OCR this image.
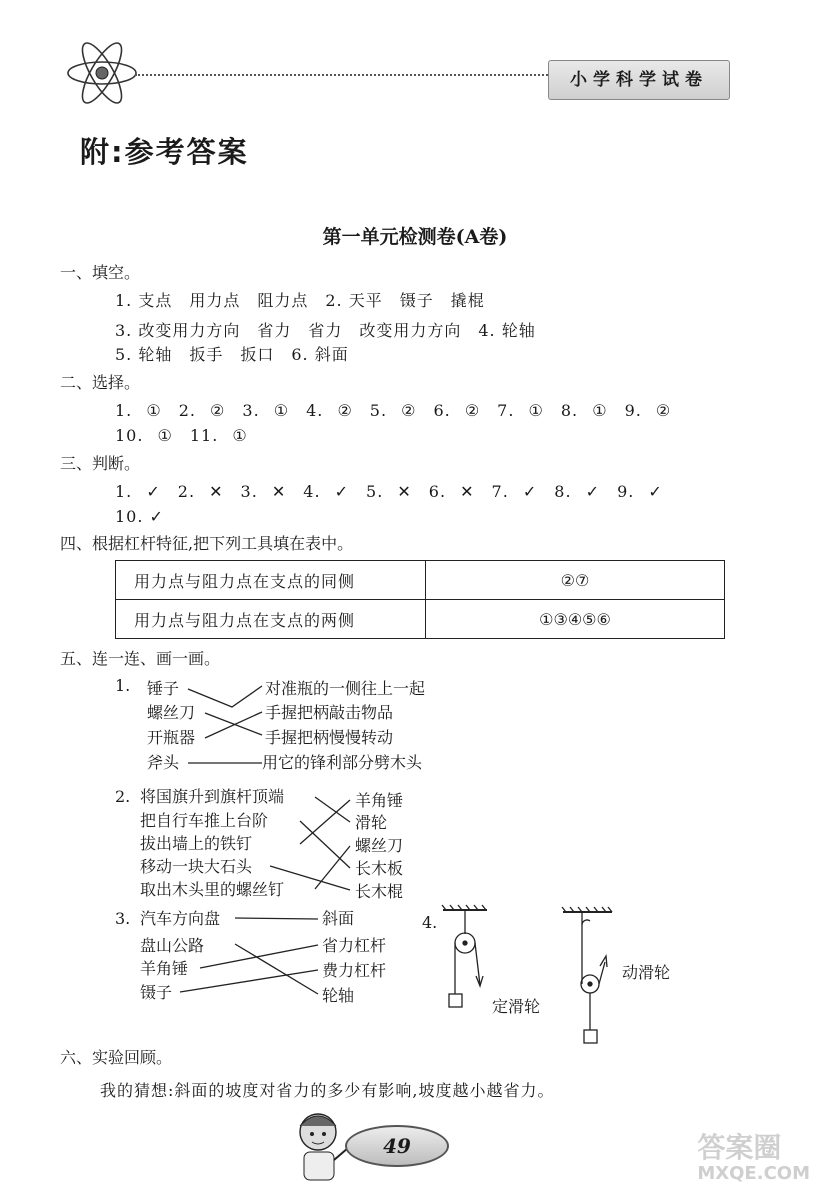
小学科学试卷
附:参考答案
第一单元检测卷(A卷)
一、填空。
1. 支点　用力点　阻力点　2. 天平　镊子　撬棍
3. 改变用力方向　省力　省力　改变用力方向　4. 轮轴
5. 轮轴　扳手　扳口　6. 斜面
二、选择。
1. ①　2. ②　3. ①　4. ②　5. ②　6. ②　7. ①　8. ①　9. ②
10. ①　11. ①
三、判断。
1. ✓　2. ✕　3. ✕　4. ✓　5. ✕　6. ✕　7. ✓　8. ✓　9. ✓
10. ✓
四、根据杠杆特征,把下列工具填在表中。
用力点与阻力点在支点的同侧	②⑦
用力点与阻力点在支点的两侧	①③④⑤⑥
五、连一连、画一画。
1. 锤子
螺丝刀
开瓶器
斧头
对准瓶的一侧往上一起
手握把柄敲击物品
手握把柄慢慢转动
用它的锋利部分劈木头
2. 将国旗升到旗杆顶端
把自行车推上台阶
拔出墙上的铁钉
移动一块大石头
取出木头里的螺丝钉
羊角锤
滑轮
螺丝刀
长木板
长木棍
3. 汽车方向盘
盘山公路
羊角锤
镊子
斜面
省力杠杆
费力杠杆
轮轴
4.
定滑轮
动滑轮
六、实验回顾。
我的猜想:斜面的坡度对省力的多少有影响,坡度越小越省力。
49	答案圈
MXQE.COM
